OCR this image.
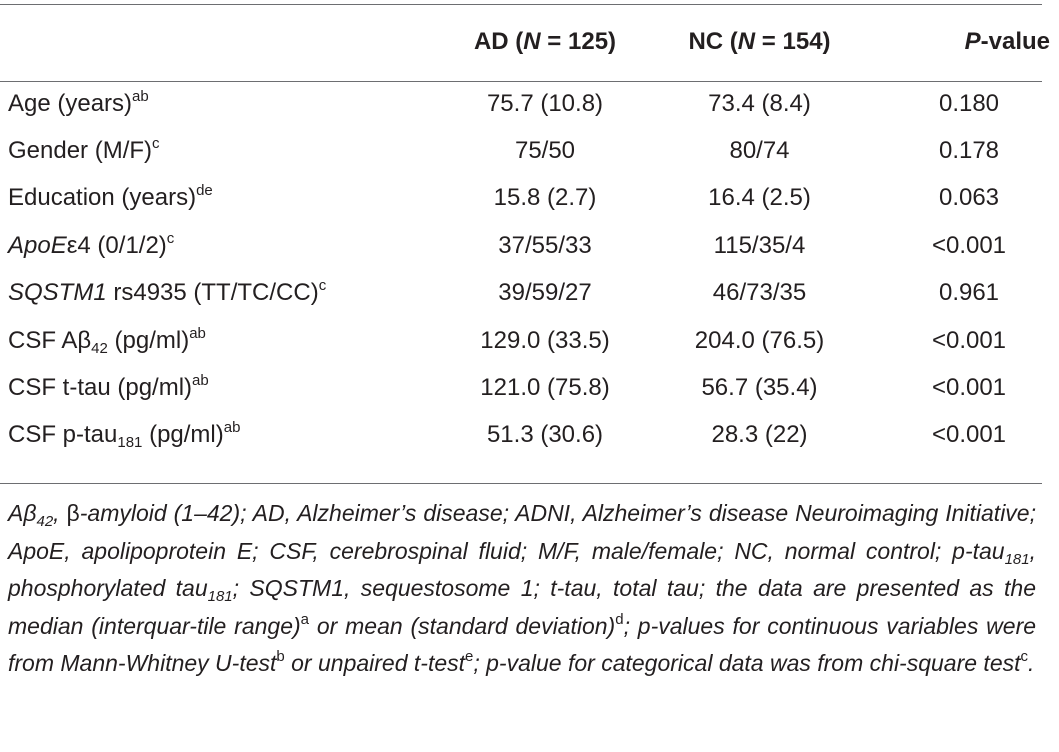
	AD (N = 125)	NC (N = 154)	P-value
Age (years)$^{ab}$	75.7 (10.8)	73.4 (8.4)	0.180
Gender $(M/F)^c$	75/50	80/74	0.178
Education (years)$^{de}$	15.8 (2.7)	16.4 (2.5)	0.063
ApoEε4 $(0/1/2)^c$	37/55/33	115/35/4	<0.001
SQSTM1 rs4935 $(TT/TC/CC)^c$	39/59/27	46/73/35	0.961
CSF $A\beta_{42}$ $(pg/ml)^{ab}$	129.0 (33.5)	204.0 (76.5)	<0.001
CSF t-tau $(pg/ml)^{ab}$	121.0 (75.8)	56.7 (35.4)	<0.001
CSF p-tau$_{181}$ $(pg/ml)^{ab}$	51.3 (30.6)	28.3 (22)	<0.001
$A\beta_{42}$, β-amyloid (1–42); AD, Alzheimer’s disease; ADNI, Alzheimer’s disease Neuroimaging Initiative; ApoE, apolipoprotein E; CSF, cerebrospinal fluid; M/F, male/female; NC, normal control; p-tau$_{181}$, phosphorylated tau$_{181}$; SQSTM1, sequestosome 1; t-tau, total tau; the data are presented as the median (interquar-tile range)$^a$ or mean (standard deviation)$^d$; p-values for continuous variables were from Mann-Whitney U-test$^b$ or unpaired t-test$^e$; p-value for categorical data was from chi-square test$^c$.
